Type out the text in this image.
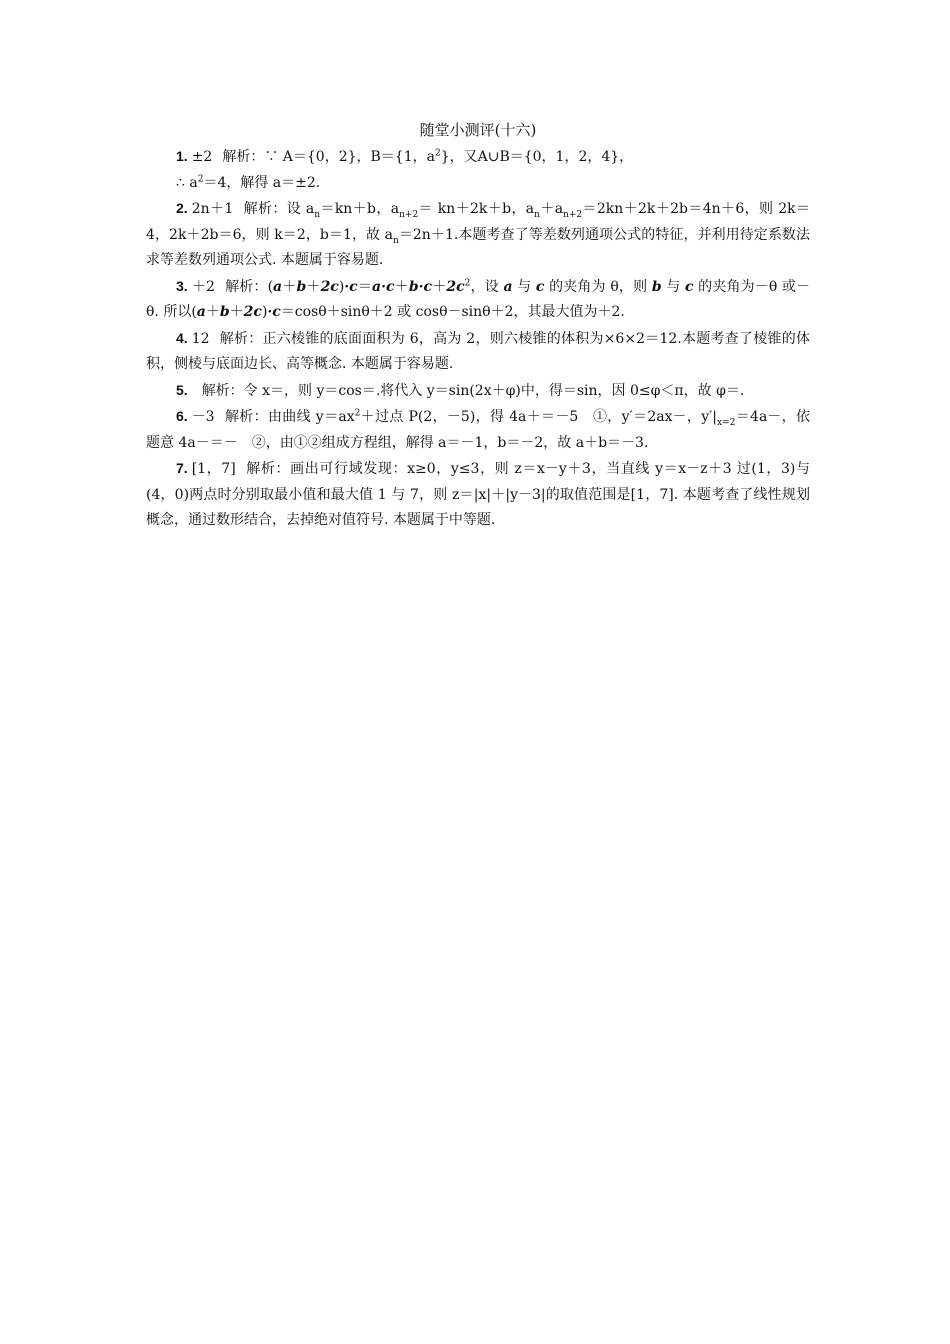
随堂小测评(十六)

1. ±2 解析：∵ A＝{0，2}，B＝{1，$a^2$}，又A∪B＝{0，1，2，4}，

∴ $a^2=4$，解得 a＝±2.

2. 2n＋1 解析：设 $a_n=kn+b$，$a_{n+2}= kn+2k+b$，$a_n+a_{n+2}=2kn+2k+2b=4n+6$，则 2k＝4，2k＋2b＝6，则 k＝2，b＝1，故 $a_n=2n+1$.本题考查了等差数列通项公式的特征，并利用待定系数法求等差数列通项公式. 本题属于容易题.

3. ＋2 解析：$(a+b+2c)\cdot c=a\cdot c+b\cdot c+2c^2$，设 a 与 c 的夹角为 θ，则 b 与 c 的夹角为－θ 或－θ. 所以(a＋b＋2c)·c＝cosθ＋sinθ＋2 或 cosθ－sinθ＋2，其最大值为＋2.

4. 12 解析：正六棱锥的底面面积为 6，高为 2，则六棱锥的体积为×6×2＝12.本题考查了棱锥的体积，侧棱与底面边长、高等概念. 本题属于容易题.

5. 解析：令 x＝，则 y＝cos＝.将代入 y＝sin(2x＋φ)中，得＝sin，因 0≤φ＜π，故 φ＝.

6. －3 解析：由曲线 $y=ax^2+$过点 P(2，－5)，得 4a＋＝－5　①，y′＝2ax－，$y'|_{x=2}=4a-$，依题意 4a－＝－　②，由①②组成方程组，解得 a＝－1，b＝－2，故 a＋b＝－3.

7. [1，7] 解析：画出可行域发现：x≥0，y≤3，则 z＝x－y＋3，当直线 y＝x－z＋3 过(1，3)与(4，0)两点时分别取最小值和最大值 1 与 7，则 z＝|x|＋|y－3|的取值范围是[1，7]. 本题考查了线性规划概念，通过数形结合，去掉绝对值符号. 本题属于中等题.
